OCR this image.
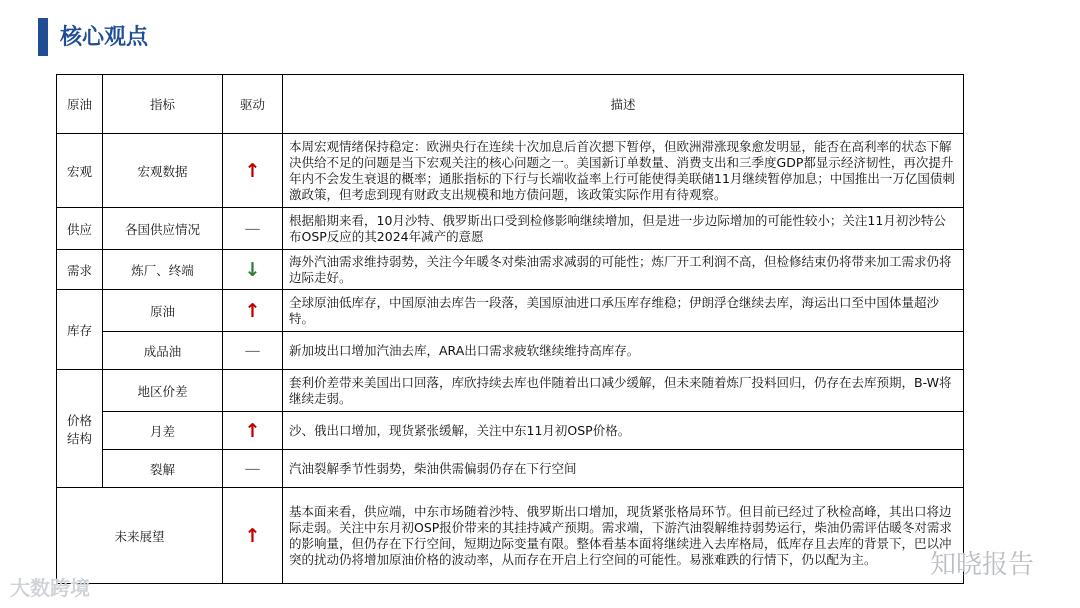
核心观点
原油	指标	驱动	描述
宏观	宏观数据	↑	本周宏观情绪保持稳定：欧洲央行在连续十次加息后首次摁下暂停，但欧洲滞涨现象愈发明显，能否在高利率的状态下解决供给不足的问题是当下宏观关注的核心问题之一。美国新订单数量、消费支出和三季度GDP都显示经济韧性，再次提升年内不会发生衰退的概率；通胀指标的下行与长端收益率上行可能使得美联储11月继续暂停加息；中国推出一万亿国债刺激政策，但考虑到现有财政支出规模和地方债问题，该政策实际作用有待观察。
供应	各国供应情况	—	根据船期来看，10月沙特、俄罗斯出口受到检修影响继续增加，但是进一步边际增加的可能性较小；关注11月初沙特公布OSP反应的其2024年减产的意愿
需求	炼厂、终端	↓	海外汽油需求维持弱势，关注今年暖冬对柴油需求减弱的可能性；炼厂开工利润不高，但检修结束仍将带来加工需求仍将边际走好。
库存	原油	↑	全球原油低库存，中国原油去库告一段落，美国原油进口承压库存维稳；伊朗浮仓继续去库，海运出口至中国体量超沙特。
	成品油	—	新加坡出口增加汽油去库，ARA出口需求疲软继续维持高库存。
价格结构	地区价差		套利价差带来美国出口回落，库欣持续去库也伴随着出口减少缓解，但未来随着炼厂投料回归，仍存在去库预期，B-W将继续走弱。
	月差	↑	沙、俄出口增加，现货紧张缓解，关注中东11月初OSP价格。
	裂解	—	汽油裂解季节性弱势，柴油供需偏弱仍存在下行空间
未来展望		↑	基本面来看，供应端，中东市场随着沙特、俄罗斯出口增加，现货紧张格局环节。但目前已经过了秋检高峰，其出口将边际走弱。关注中东月初OSP报价带来的其挂持减产预期。需求端，下游汽油裂解维持弱势运行，柴油仍需评估暖冬对需求的影响量，但仍存在下行空间，短期边际变量有限。整体看基本面将继续进入去库格局，低库存且去库的背景下，巴以冲突的扰动仍将增加原油价格的波动率，从而存在开启上行空间的可能性。易涨难跌的行情下，仍以配为主。
大数跨境
知晓报告
